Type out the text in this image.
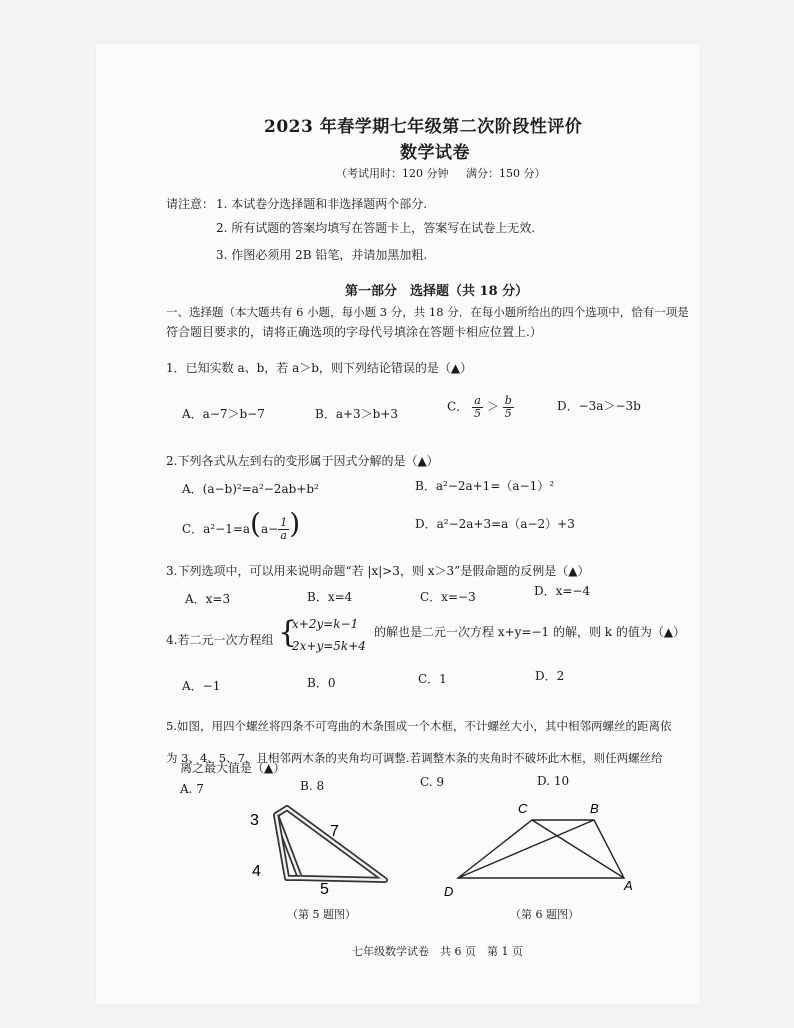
2023 年春学期七年级第二次阶段性评价
数学试卷
（考试用时：120 分钟 满分：150 分）
请注意： 1. 本试卷分选择题和非选择题两个部分.
2. 所有试题的答案均填写在答题卡上，答案写在试卷上无效.
3. 作图必须用 2B 铅笔，并请加黑加粗.
第一部分　选择题（共 18 分）
一、选择题（本大题共有 6 小题，每小题 3 分，共 18 分．在每小题所给出的四个选项中，恰有一项是
符合题目要求的，请将正确选项的字母代号填涂在答题卡相应位置上.）
1．已知实数 a、b，若 a＞b，则下列结论错误的是（▲）
A．a−7＞b−7	B．a+3＞b+3
C． $\frac{a}{5} > \frac{b}{5}$	D．−3a＞−3b
2.下列各式从左到右的变形属于因式分解的是（▲）
A．(a−b)²=a²−2ab+b²	B．a²−2a+1=（a−1）²
C．$a^2-1=a(a- \frac{1}{a}$ )	D．a²−2a+3=a（a−2）+3
3.下列选项中，可以用来说明命题“若 |x|>3，则 x＞3”是假命题的反例是（▲）
A．x=3	B．x=4	C．x=−3	D．x=−4
4.若二元一次方程组 {
x+2y=k−1
2x+y=5k+4
的解也是二元一次方程 x+y=−1 的解，则 k 的值为（▲）
A．−1	B．0	C．1	D．2
5.如图，用四个螺丝将四条不可弯曲的木条围成一个木框，不计螺丝大小，其中相邻两螺丝的距离依
为 3、4、5、7，且相邻两木条的夹角均可调整.若调整木条的夹角时不破坏此木框，则任两螺丝给
离之最大值是（▲）
A. 7	B. 8	C. 9	D. 10
3
7
4
5
（第 5 题图）
C	B
D	A
（第 6 题图）
七年级数学试卷　共 6 页　第 1 页
